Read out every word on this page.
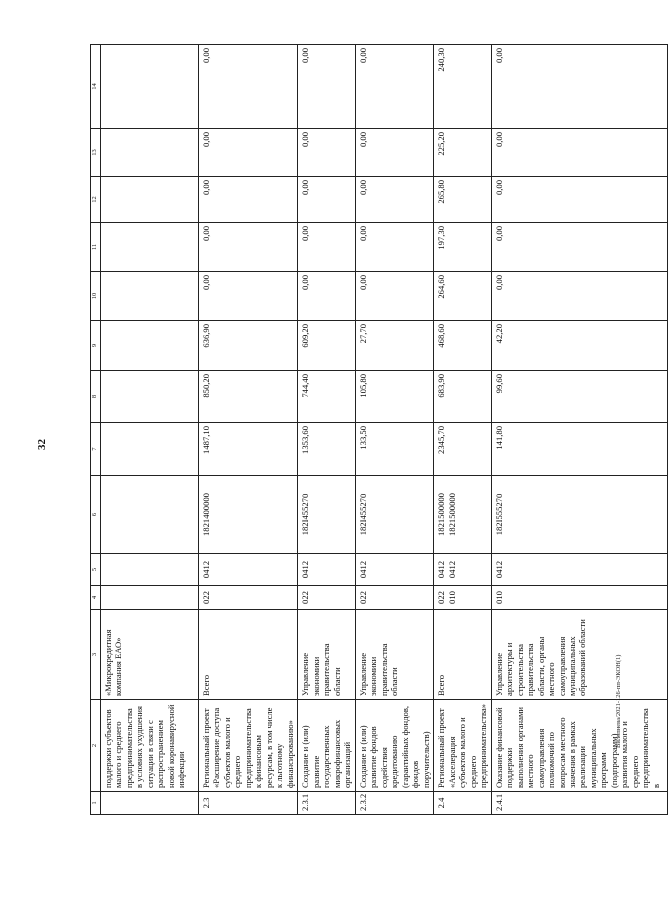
32
Вилопнева/2021-126-пп-ЭКОН(1)
1	2	3	4	5	6	7	8	9	10	11	12	13	14
	поддержки субъектов малого и среднего предпринимательства в условиях ухудшения ситуации в связи с распространением новой коронавирусной инфекции	«Микрокредитная компания ЕАО»											
2.3	Региональный проект «Расширение доступа субъектов малого и среднего предпринимательства к финансовым ресурсам, в том числе к льготному финансированию»	Всего	022	0412	1821400000	1487,10	850,20	636,90	0,00	0,00	0,00	0,00	0,00
2.3.1	Создание и (или) развитие государственных микрофинансовых организаций	Управление экономики правительства области	022	0412	182I455270	1353,60	744,40	609,20	0,00	0,00	0,00	0,00	0,00
2.3.2	Создание и (или) развитие фондов содействия кредитованию (гарантийных фондов, фондов поручительств)	Управление экономики правительства области	022	0412	182I455270	133,50	105,80	27,70	0,00	0,00	0,00	0,00	0,00
2.4	Региональный проект «Акселерация субъектов малого и среднего предпринимательства»	Всего	022 010	0412 0412	1821500000 1821500000	2345,70	683,90	468,60	264,60	197,30	265,80	225,20	240,30
2.4.1	Оказание финансовой поддержки выполнения органами местного самоуправления полномочий по вопросам местного значения в рамках реализации муниципальных программ (подпрограмм) развития малого и среднего предпринимательства в	Управление архитектуры и строительства правительства области, органы местного самоуправления муниципальных образований области	010	0412	182I555270	141,80	99,60	42,20	0,00	0,00	0,00	0,00	0,00
